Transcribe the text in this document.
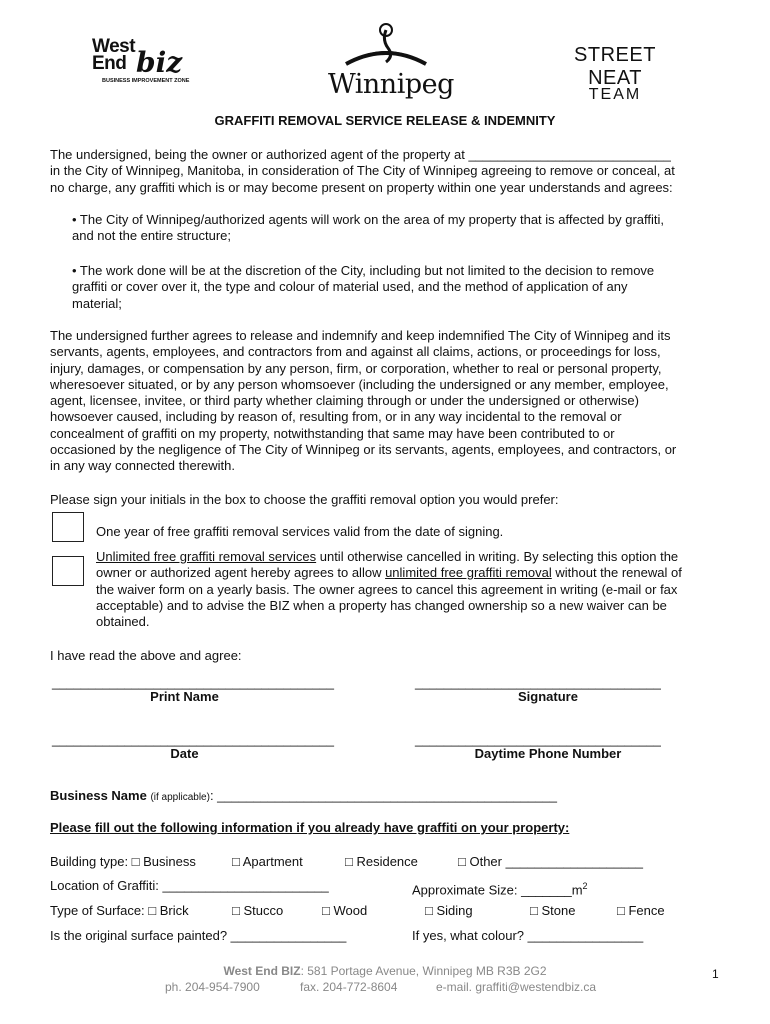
West
End biz
BUSINESS IMPROVEMENT ZONE	Winnipeg
STREET NEAT
TEAM
GRAFFITI REMOVAL SERVICE RELEASE & INDEMNITY
The undersigned, being the owner or authorized agent of the property at ____________________________
in the City of Winnipeg, Manitoba, in consideration of The City of Winnipeg agreeing to remove or conceal, at
no charge, any graffiti which is or may become present on property within one year understands and agrees:
• The City of Winnipeg/authorized agents will work on the area of my property that is affected by graffiti,
and not the entire structure;
• The work done will be at the discretion of the City, including but not limited to the decision to remove
graffiti or cover over it, the type and colour of material used, and the method of application of any
material;
The undersigned further agrees to release and indemnify and keep indemnified The City of Winnipeg and its
servants, agents, employees, and contractors from and against all claims, actions, or proceedings for loss,
injury, damages, or compensation by any person, firm, or corporation, whether to real or personal property,
wheresoever situated, or by any person whomsoever (including the undersigned or any member, employee,
agent, licensee, invitee, or third party whether claiming through or under the undersigned or otherwise)
howsoever caused, including by reason of, resulting from, or in any way incidental to the removal or
concealment of graffiti on my property, notwithstanding that same may have been contributed to or
occasioned by the negligence of The City of Winnipeg or its servants, agents, employees, and contractors, or
in any way connected therewith.
Please sign your initials in the box to choose the graffiti removal option you would prefer:
One year of free graffiti removal services valid from the date of signing.
Unlimited free graffiti removal services until otherwise cancelled in writing. By selecting this option the
owner or authorized agent hereby agrees to allow unlimited free graffiti removal without the renewal of
the waiver form on a yearly basis. The owner agrees to cancel this agreement in writing (e-mail or fax
acceptable) and to advise the BIZ when a property has changed ownership so a new waiver can be
obtained.
I have read the above and agree:
_______________________________________
Print Name
__________________________________
Signature
_______________________________________
Date
__________________________________
Daytime Phone Number
Business Name (if applicable): _______________________________________________
Please fill out the following information if you already have graffiti on your property:
Building type: □ Business	□ Apartment	□ Residence	□ Other ___________________
Location of Graffiti: _______________________	Approximate Size: $\_\_\_\_\_\_\_m^2$
Type of Surface: □ Brick	□ Stucco	□ Wood	□ Siding	□ Stone	□ Fence
Is the original surface painted? ________________	If yes, what colour? ________________
West End BIZ: 581 Portage Avenue, Winnipeg MB R3B 2G2
ph. 204-954-7900	fax. 204-772-8604	e-mail. graffiti@westendbiz.ca
1
